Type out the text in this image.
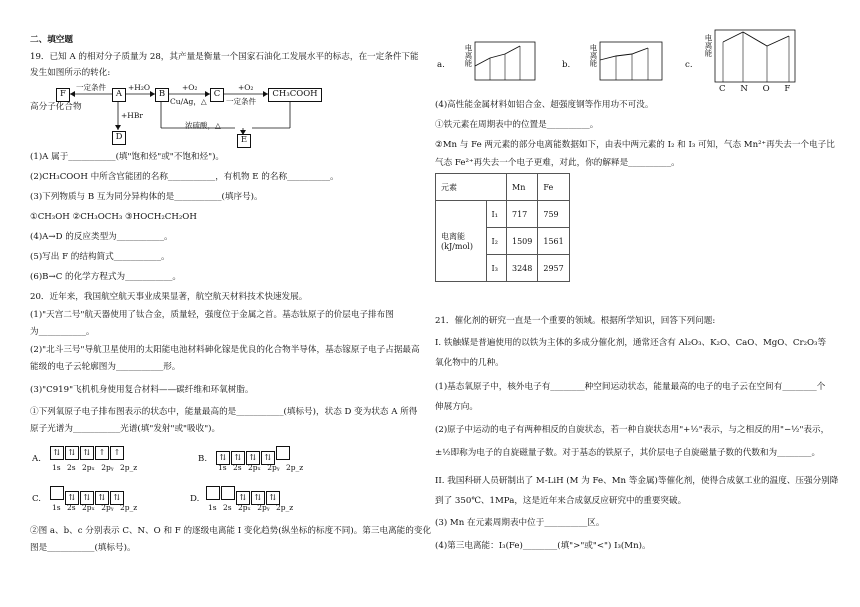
二、填空题
19．已知 A 的相对分子质量为 28，其产量是衡量一个国家石油化工发展水平的标志，在一定条件下能
发生如图所示的转化:
F	A	B	C	CH₃COOH
D	E
一定条件	+H₂O	+O₂
Cu/Ag，△
+O₂
一定条件
+HBr
浓硫酸，△
高分子化合物
(1)A 属于___________(填"饱和烃"或"不饱和烃")。
(2)CH₃COOH 中所含官能团的名称___________，有机物 E 的名称__________。
(3)下列物质与 B 互为同分异构体的是___________(填序号)。
①CH₃OH ②CH₃OCH₃ ③HOCH₂CH₂OH
(4)A→D 的反应类型为___________。
(5)写出 F 的结构简式___________。
(6)B→C 的化学方程式为___________。
20．近年来，我国航空航天事业成果显著，航空航天材料技术快速发展。
(1)"天宫二号"航天器使用了钛合金，质量轻，强度位于金属之首。基态钛原子的价层电子排布图
为___________。
(2)"北斗三号"导航卫星使用的太阳能电池材料砷化镓是优良的化合物半导体，基态镓原子电子占据最高
能级的电子云轮廓图为___________形。
(3)"C919"飞机机身使用复合材料——碳纤维和环氧树脂。
①下列氧原子电子排布图表示的状态中，能量最高的是___________(填标号)，状态 D 变为状态 A 所得
原子光谱为___________光谱(填"发射"或"吸收")。
A.
⇅ ⇅ ⇅ ↑ ↑
1s 2s 2pₓ 2pᵧ 2p_z
B.	⇅ ⇅ ⇅ ⇅
1s 2s 2pₓ 2pᵧ 2p_z
C.	⇅ ⇅ ⇅ ⇅
1s 2s 2pₓ 2pᵧ 2p_z
D.	⇅ ⇅ ⇅
1s 2s 2pₓ 2pᵧ 2p_z
②图 a、b、c 分别表示 C、N、O 和 F 的逐级电离能 I 变化趋势(纵坐标的标度不同)。第三电离能的变化
图是___________(填标号)。
a.	电离能	b.	电离能	c.
电离能
C N O F
(4)高性能金属材料如铝合金、超强度钢等作用功不可没。
①铁元素在周期表中的位置是__________。
②Mn 与 Fe 两元素的部分电离能数据如下，由表中两元素的 I₂ 和 I₃ 可知，气态 Mn²⁺再失去一个电子比
气态 Fe²⁺再失去一个电子更难，对此，你的解释是__________。
元素		Mn	Fe

电离能
(kJ/mol)	I₁	717	759
	I₂	1509	1561
	I₃	3248	2957
21．催化剂的研究一直是一个重要的领域。根据所学知识，回答下列问题:
I. 铁触媒是普遍使用的以铁为主体的多成分催化剂，通常还含有 Al₂O₃、K₂O、CaO、MgO、Cr₂O₃等
氧化物中的几种。
(1)基态氧原子中，核外电子有________种空间运动状态，能量最高的电子的电子云在空间有________个
伸展方向。
(2)原子中运动的电子有两种相反的自旋状态，若一种自旋状态用"+½"表示，与之相反的用"−½"表示，
±½即称为电子的自旋磁量子数。对于基态的铁原子，其价层电子自旋磁量子数的代数和为________。
II. 我国科研人员研制出了 M-LiH (M 为 Fe、Mn 等金属)等催化剂，使得合成氨工业的温度、压强分别降
到了 350℃、1MPa，这是近年来合成氨反应研究中的重要突破。
(3) Mn 在元素周期表中位于__________区。
(4)第三电离能：I₃(Fe)________(填">"或"<") I₃(Mn)。
